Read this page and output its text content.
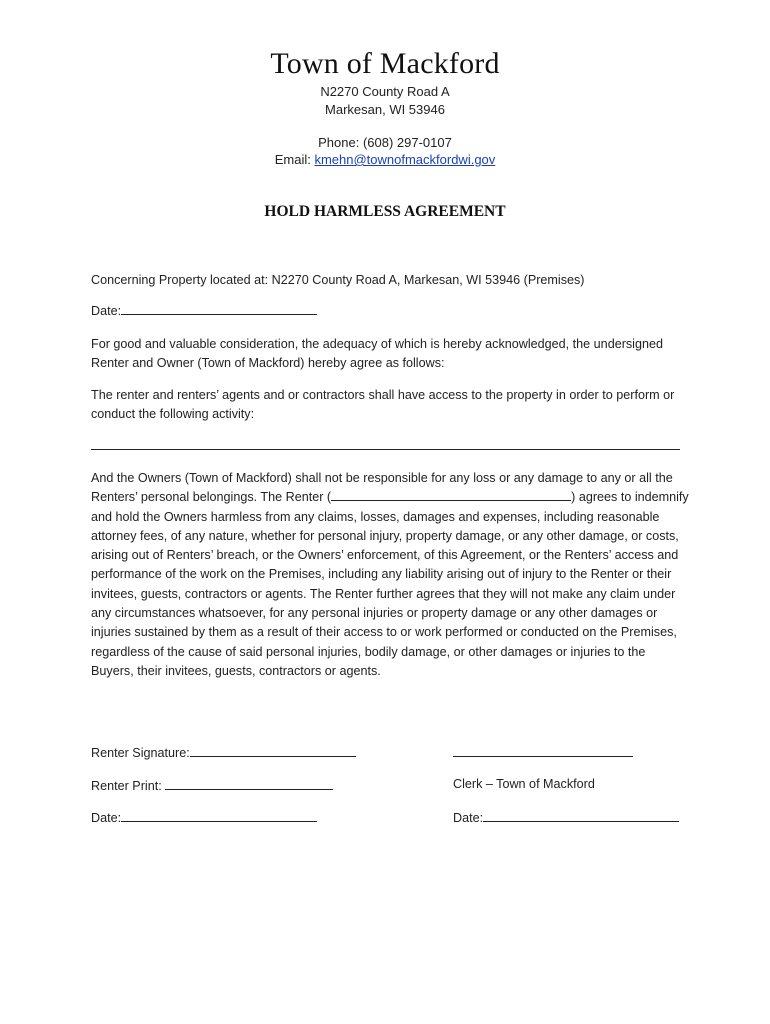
Town of Mackford
N2270 County Road A
Markesan, WI 53946
Phone: (608) 297-0107
Email: kmehn@townofmackfordwi.gov
HOLD HARMLESS AGREEMENT
Concerning Property located at: N2270 County Road A, Markesan, WI 53946 (Premises)
Date:
For good and valuable consideration, the adequacy of which is hereby acknowledged, the undersigned Renter and Owner (Town of Mackford) hereby agree as follows:
The renter and renters’ agents and or contractors shall have access to the property in order to perform or conduct the following activity:
And the Owners (Town of Mackford) shall not be responsible for any loss or any damage to any or all the Renters’ personal belongings. The Renter (	) agrees to indemnify and hold the Owners harmless from any claims, losses, damages and expenses, including reasonable attorney fees, of any nature, whether for personal injury, property damage, or any other damage, or costs, arising out of Renters’ breach, or the Owners’ enforcement, of this Agreement, or the Renters’ access and performance of the work on the Premises, including any liability arising out of injury to the Renter or their invitees, guests, contractors or agents. The Renter further agrees that they will not make any claim under any circumstances whatsoever, for any personal injuries or property damage or any other damages or injuries sustained by them as a result of their access to or work performed or conducted on the Premises, regardless of the cause of said personal injuries, bodily damage, or other damages or injuries to the Buyers, their invitees, guests, contractors or agents.
Renter Signature:
Renter Print:	Clerk – Town of Mackford
Date:	Date:
